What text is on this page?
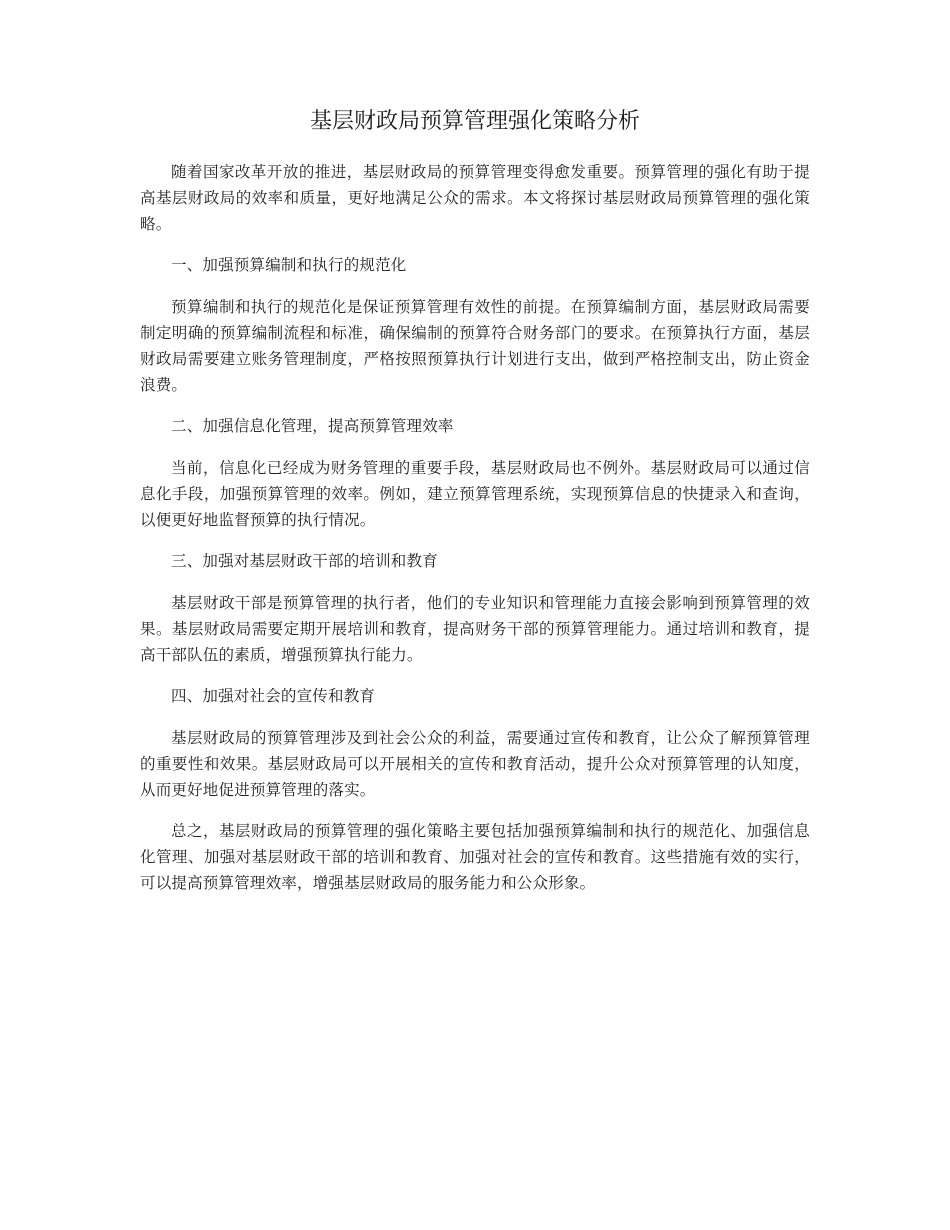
基层财政局预算管理强化策略分析

随着国家改革开放的推进，基层财政局的预算管理变得愈发重要。预算管理的强化有助于提高基层财政局的效率和质量，更好地满足公众的需求。本文将探讨基层财政局预算管理的强化策略。

一、加强预算编制和执行的规范化

预算编制和执行的规范化是保证预算管理有效性的前提。在预算编制方面，基层财政局需要制定明确的预算编制流程和标准，确保编制的预算符合财务部门的要求。在预算执行方面，基层财政局需要建立账务管理制度，严格按照预算执行计划进行支出，做到严格控制支出，防止资金浪费。

二、加强信息化管理，提高预算管理效率

当前，信息化已经成为财务管理的重要手段，基层财政局也不例外。基层财政局可以通过信息化手段，加强预算管理的效率。例如，建立预算管理系统，实现预算信息的快捷录入和查询，以便更好地监督预算的执行情况。

三、加强对基层财政干部的培训和教育

基层财政干部是预算管理的执行者，他们的专业知识和管理能力直接会影响到预算管理的效果。基层财政局需要定期开展培训和教育，提高财务干部的预算管理能力。通过培训和教育，提高干部队伍的素质，增强预算执行能力。

四、加强对社会的宣传和教育

基层财政局的预算管理涉及到社会公众的利益，需要通过宣传和教育，让公众了解预算管理的重要性和效果。基层财政局可以开展相关的宣传和教育活动，提升公众对预算管理的认知度，从而更好地促进预算管理的落实。

总之，基层财政局的预算管理的强化策略主要包括加强预算编制和执行的规范化、加强信息化管理、加强对基层财政干部的培训和教育、加强对社会的宣传和教育。这些措施有效的实行，可以提高预算管理效率，增强基层财政局的服务能力和公众形象。
